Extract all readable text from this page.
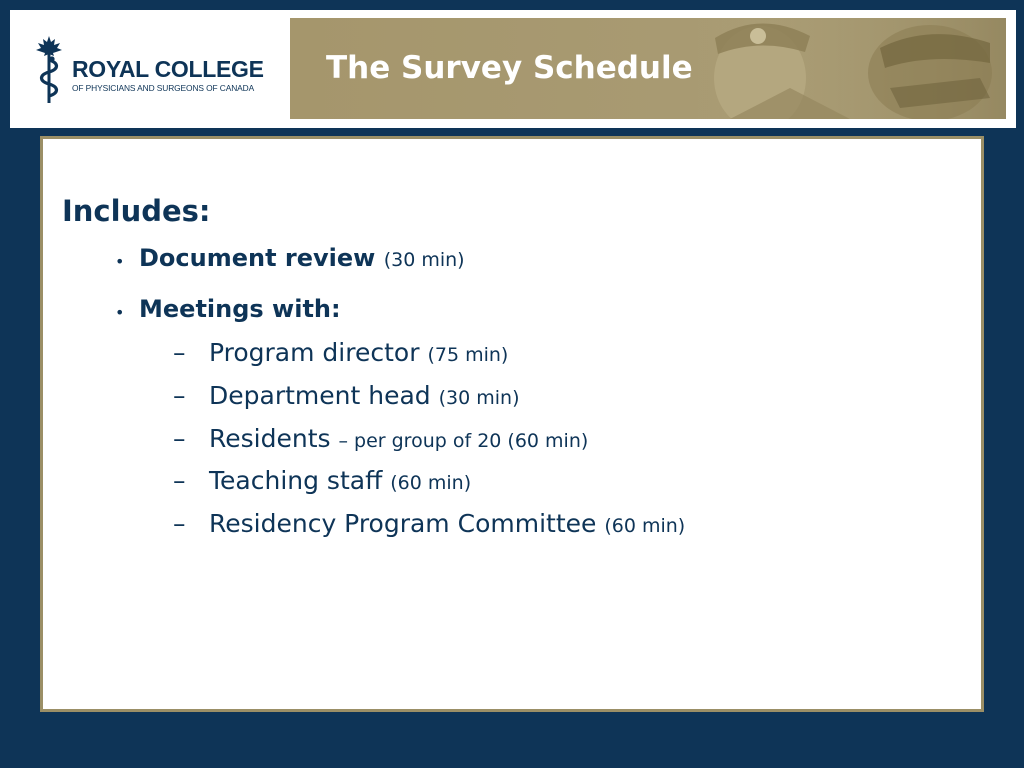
ROYAL COLLEGE
OF PHYSICIANS AND SURGEONS OF CANADA
The Survey Schedule
Includes:
• Document review (30 min)
• Meetings with:
– Program director (75 min)
– Department head (30 min)
– Residents – per group of 20 (60 min)
– Teaching staff (60 min)
– Residency Program Committee (60 min)
